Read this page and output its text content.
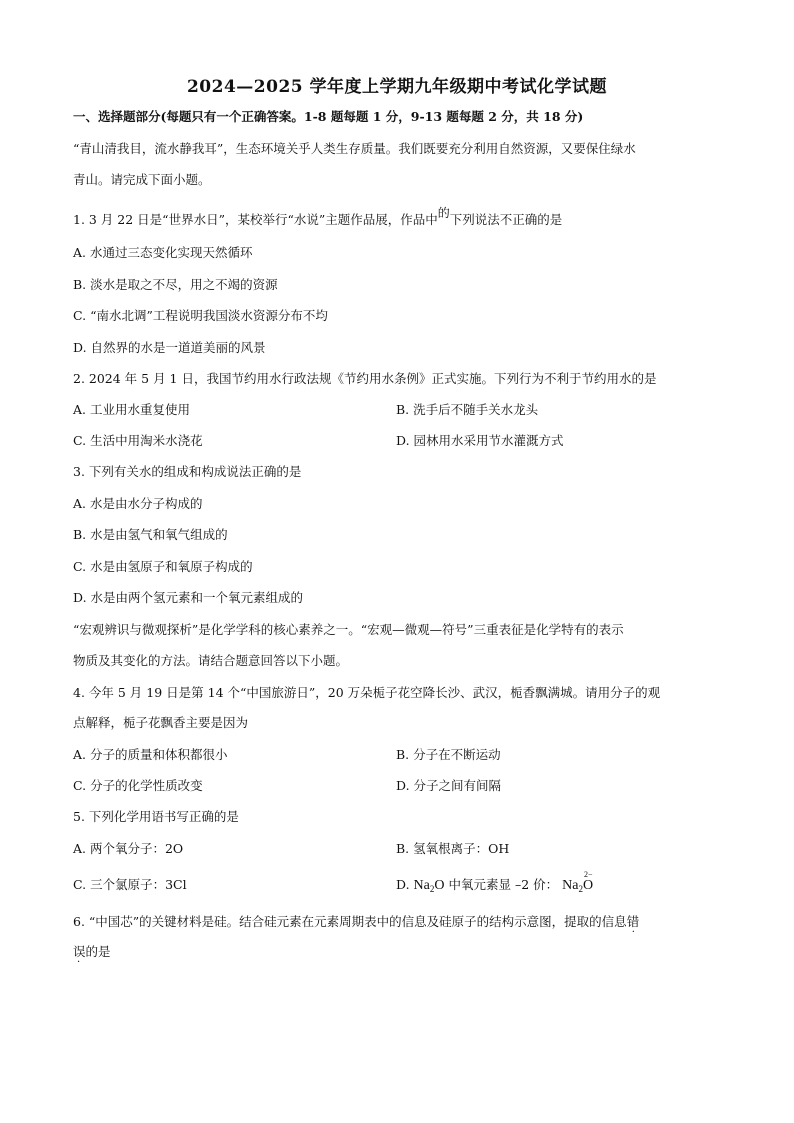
2024—2025 学年度上学期九年级期中考试化学试题
一、选择题部分(每题只有一个正确答案。1-8 题每题 1 分，9-13 题每题 2 分，共 18 分)
“青山清我目，流水静我耳”，生态环境关乎人类生存质量。我们既要充分利用自然资源，又要保住绿水
青山。请完成下面小题。
1. 3 月 22 日是“世界水日”，某校举行“水说”主题作品展，作品中的下列说法不正确的是
A. 水通过三态变化实现天然循环
B. 淡水是取之不尽，用之不竭的资源
C. “南水北调”工程说明我国淡水资源分布不均
D. 自然界的水是一道道美丽的风景
2. 2024 年 5 月 1 日，我国节约用水行政法规《节约用水条例》正式实施。下列行为不利于节约用水的是
A. 工业用水重复使用	B. 洗手后不随手关水龙头
C. 生活中用淘米水浇花	D. 园林用水采用节水灌溉方式
3. 下列有关水的组成和构成说法正确的是
A. 水是由水分子构成的
B. 水是由氢气和氧气组成的
C. 水是由氢原子和氧原子构成的
D. 水是由两个氢元素和一个氧元素组成的
“宏观辨识与微观探析”是化学学科的核心素养之一。“宏观—微观—符号”三重表征是化学特有的表示
物质及其变化的方法。请结合题意回答以下小题。
4. 今年 5 月 19 日是第 14 个“中国旅游日”，20 万朵栀子花空降长沙、武汉，栀香飘满城。请用分子的观
点解释，栀子花飘香主要是因为
A. 分子的质量和体积都很小	B. 分子在不断运动
C. 分子的化学性质改变	D. 分子之间有间隔
5. 下列化学用语书写正确的是
A. 两个氧分子：2O	B. 氢氧根离子：OH
C. 三个氯原子：3Cl	D. $Na_2O$ 中氧元素显 –2 价： $Na_2O$
2−
6. “中国芯”的关键材料是硅。结合硅元素在元素周期表中的信息及硅原子的结构示意图，提取的信息错
·
误
·
的是
